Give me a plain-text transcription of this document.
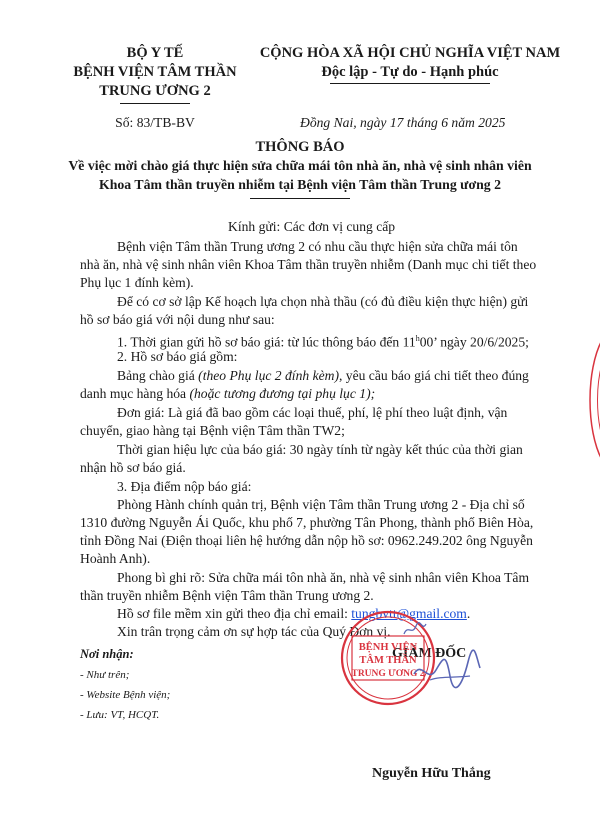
BỘ Y TẾ
BỆNH VIỆN TÂM THẦN
TRUNG ƯƠNG 2
CỘNG HÒA XÃ HỘI CHỦ NGHĨA VIỆT NAM
Độc lập - Tự do - Hạnh phúc
Số: 83/TB-BV	Đồng Nai, ngày 17 tháng 6 năm 2025
THÔNG BÁO
Về việc mời chào giá thực hiện sửa chữa mái tôn nhà ăn, nhà vệ sinh nhân viên
Khoa Tâm thần truyền nhiễm tại Bệnh viện Tâm thần Trung ương 2
Kính gửi: Các đơn vị cung cấp
Bệnh viện Tâm thần Trung ương 2 có nhu cầu thực hiện sửa chữa mái tôn
nhà ăn, nhà vệ sinh nhân viên Khoa Tâm thần truyền nhiễm (Danh mục chi tiết theo
Phụ lục 1 đính kèm).
Để có cơ sở lập Kế hoạch lựa chọn nhà thầu (có đủ điều kiện thực hiện) gửi
hồ sơ báo giá với nội dung như sau:
1. Thời gian gửi hồ sơ báo giá: từ lúc thông báo đến 11$^h$00’ ngày 20/6/2025;
2. Hồ sơ báo giá gồm:
Bảng chào giá (theo Phụ lục 2 đính kèm), yêu cầu báo giá chi tiết theo đúng
danh mục hàng hóa (hoặc tương đương tại phụ lục 1);
Đơn giá: Là giá đã bao gồm các loại thuế, phí, lệ phí theo luật định, vận
chuyển, giao hàng tại Bệnh viện Tâm thần TW2;
Thời gian hiệu lực của báo giá: 30 ngày tính từ ngày kết thúc của thời gian
nhận hồ sơ báo giá.
3. Địa điểm nộp báo giá:
Phòng Hành chính quản trị, Bệnh viện Tâm thần Trung ương 2 - Địa chỉ số
1310 đường Nguyễn Ái Quốc, khu phố 7, phường Tân Phong, thành phố Biên Hòa,
tỉnh Đồng Nai (Điện thoại liên hệ hướng dẫn nộp hồ sơ: 0962.249.202 ông Nguyễn
Hoành Anh).
Phong bì ghi rõ: Sửa chữa mái tôn nhà ăn, nhà vệ sinh nhân viên Khoa Tâm
thần truyền nhiễm Bệnh viện Tâm thần Trung ương 2.
Hồ sơ file mềm xin gửi theo địa chỉ email: tungbvtt@gmail.com.
Xin trân trọng cảm ơn sự hợp tác của Quý Đơn vị.
Nơi nhận:
- Như trên;
- Website Bệnh viện;
- Lưu: VT, HCQT.
GIÁM ĐỐC
Nguyễn Hữu Thắng
BỆNH VIỆN
TÂM THẦN
TRUNG ƯƠNG 2
